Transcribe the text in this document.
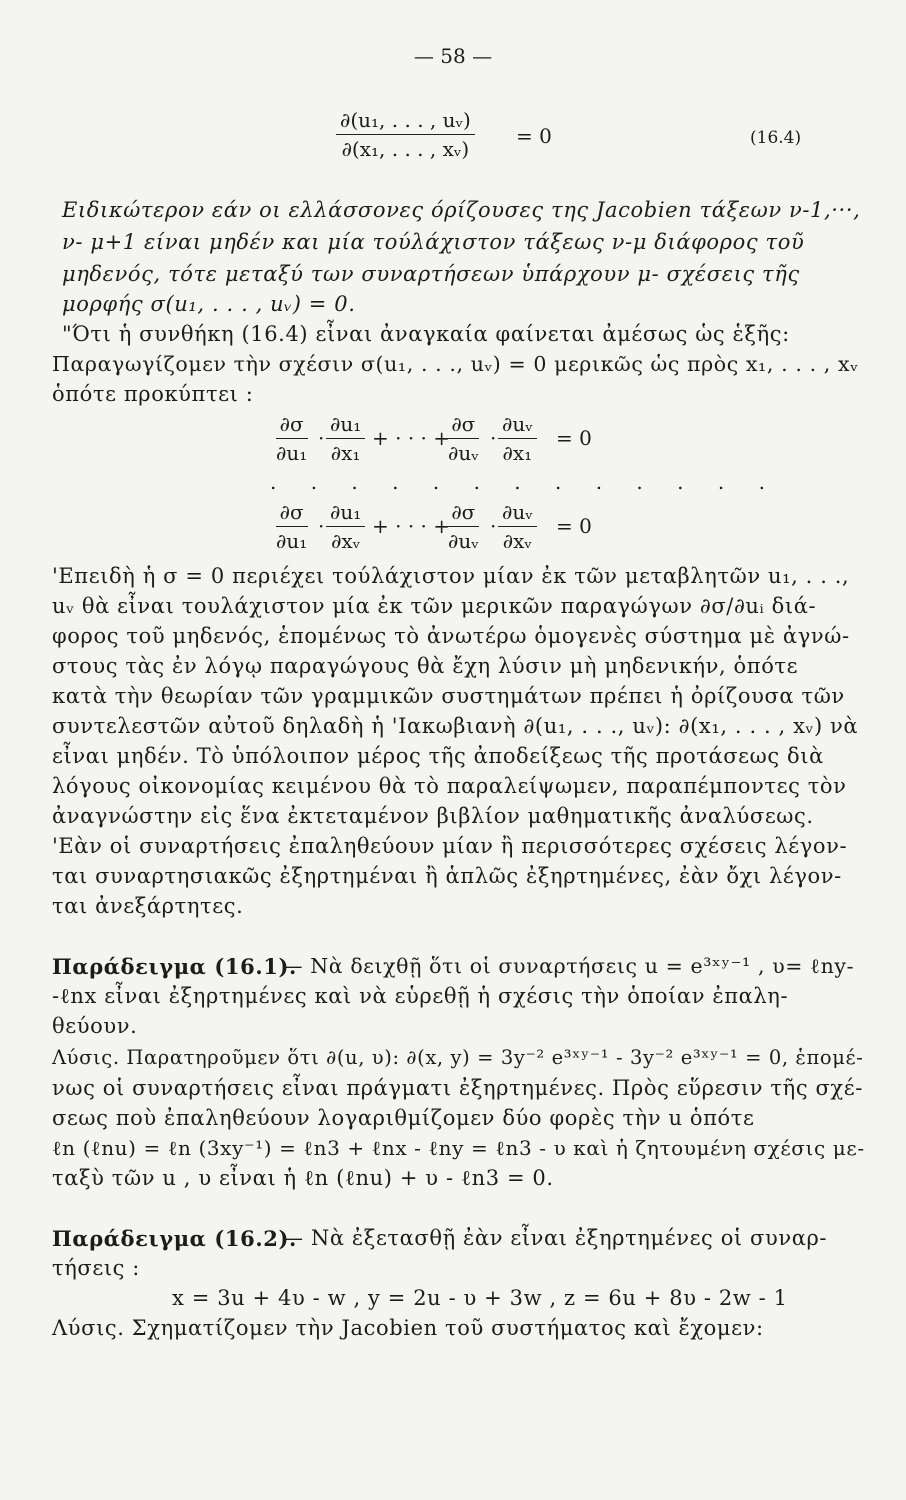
— 58 —
$\frac{\text{∂(u₁, . . . , uᵥ)}}{\text{∂(x₁, . . . , xᵥ)}} = 0$	(16.4)
Ειδικώτερον εάν οι ελλάσσονες όρίζουσες της Jacobien τάξεων ν-1,···,
ν- μ+1 είναι μηδέν και μία τούλάχιστον τάξεως ν-μ διάφορος τοῦ
μηδενός, τότε μεταξύ των συναρτήσεων ὑπάρχουν μ- σχέσεις τῆς
μορφής σ(u₁, . . . , uᵥ) = 0.
"Ότι ἡ συνθήκη (16.4) εἶναι ἀναγκαία φαίνεται ἀμέσως ὡς ἑξῆς:
Παραγωγίζομεν τὴν σχέσιν σ(u₁, . . ., uᵥ) = 0 μερικῶς ὡς πρὸς x₁, . . . , xᵥ
ὁπότε προκύπτει :
$\frac{\partial\sigma}{\text{∂u₁}} \cdot \frac{\text{∂u₁}}{\text{∂x₁}}$ + · · · +
$\frac{\partial\sigma}{\text{∂uᵥ}} \cdot \frac{\text{∂uᵥ}}{\text{∂x₁}} = 0$
. . . . . . . . . . . . .
$\frac{\partial\sigma}{\text{∂u₁}} \cdot \frac{\text{∂u₁}}{\text{∂xᵥ}}$ + · · · +
$\frac{\partial\sigma}{\text{∂uᵥ}} \cdot \frac{\text{∂uᵥ}}{\text{∂xᵥ}} = 0$
'Επειδὴ ἡ σ = 0 περιέχει τούλάχιστον μίαν ἐκ τῶν μεταβλητῶν u₁, . . .,
uᵥ θὰ εἶναι τουλάχιστον μία ἐκ τῶν μερικῶν παραγώγων ∂σ/∂uᵢ διά-
φορος τοῦ μηδενός, ἑπομένως τὸ ἀνωτέρω ὁμογενὲς σύστημα μὲ ἀγνώ-
στους τὰς ἐν λόγῳ παραγώγους θὰ ἔχη λύσιν μὴ μηδενικήν, ὁπότε
κατὰ τὴν θεωρίαν τῶν γραμμικῶν συστημάτων πρέπει ἡ ὀρίζουσα τῶν
συντελεστῶν αὐτοῦ δηλαδὴ ἡ 'Ιακωβιανὴ ∂(u₁, . . ., uᵥ): ∂(x₁, . . . , xᵥ) νὰ
εἶναι μηδέν. Τὸ ὑπόλοιπον μέρος τῆς ἀποδείξεως τῆς προτάσεως διὰ
λόγους οἰκονομίας κειμένου θὰ τὸ παραλείψωμεν, παραπέμποντες τὸν
ἀναγνώστην εἰς ἕνα ἐκτεταμένον βιβλίον μαθηματικῆς ἀναλύσεως.
'Εὰν οἱ συναρτήσεις ἐπαληθεύουν μίαν ἢ περισσότερες σχέσεις λέγον-
ται συναρτησιακῶς ἐξηρτημέναι ἢ ἁπλῶς ἐξηρτημένες, ἐὰν ὄχι λέγον-
ται ἀνεξάρτητες.
Παράδειγμα (16.1).
— Νὰ δειχθῇ ὅτι οἱ συναρτήσεις u = e³ˣʸ⁻¹ , υ= ℓny-
-ℓnx εἶναι ἐξηρτημένες καὶ νὰ εὑρεθῇ ἡ σχέσις τὴν ὁποίαν ἐπαλη-
θεύουν.
Λύσις. Παρατηροῦμεν ὅτι ∂(u, υ): ∂(x, y) = 3y⁻² e³ˣʸ⁻¹ - 3y⁻² e³ˣʸ⁻¹ = 0, ἑπομέ-
νως οἱ συναρτήσεις εἶναι πράγματι ἐξηρτημένες. Πρὸς εὕρεσιν τῆς σχέ-
σεως ποὺ ἐπαληθεύουν λογαριθμίζομεν δύο φορὲς τὴν u ὁπότε
ℓn (ℓnu) = ℓn (3xy⁻¹) = ℓn3 + ℓnx - ℓny = ℓn3 - υ καὶ ἡ ζητουμένη σχέσις με-
ταξὺ τῶν u , υ εἶναι ἡ ℓn (ℓnu) + υ - ℓn3 = 0.
Παράδειγμα (16.2).
— Νὰ ἐξετασθῇ ἐὰν εἶναι ἐξηρτημένες οἱ συναρ-
τήσεις :
x = 3u + 4υ - w , y = 2u - υ + 3w , z = 6u + 8υ - 2w - 1
Λύσις. Σχηματίζομεν τὴν Jacobien τοῦ συστήματος καὶ ἔχομεν:
